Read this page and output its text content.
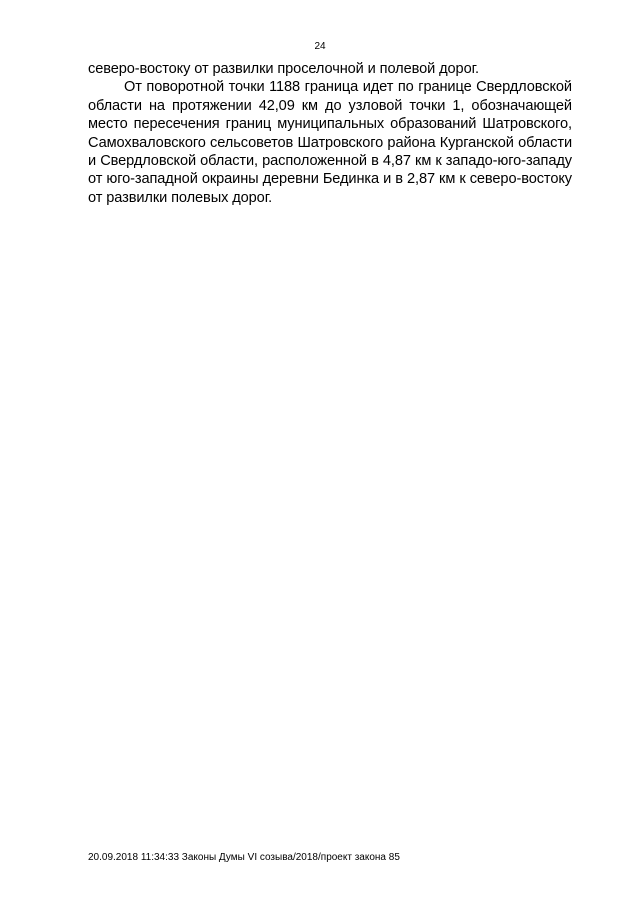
24

северо-востоку от развилки проселочной и полевой дорог.

От поворотной точки 1188 граница идет по границе Свердловской области на протяжении 42,09 км до узловой точки 1, обозначающей место пересечения границ муниципальных образований Шатровского, Самохваловского сельсоветов Шатровского района Курганской области и Свердловской области, расположенной в 4,87 км к западо-юго-западу от юго-западной окраины деревни Бединка и в 2,87 км к северо-востоку от развилки полевых дорог.

20.09.2018 11:34:33 Законы Думы VI созыва/2018/проект закона 85
